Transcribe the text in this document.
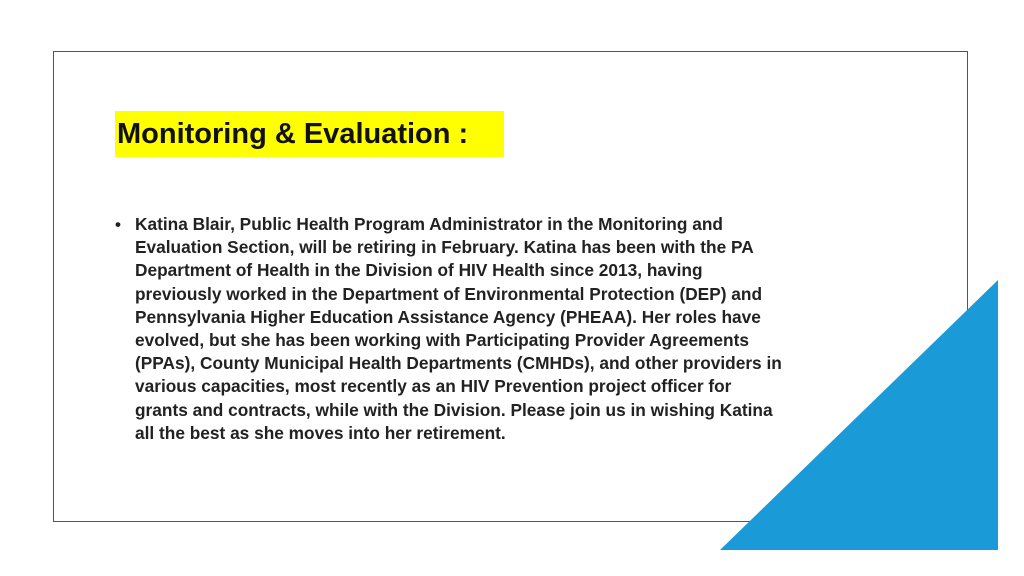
Monitoring & Evaluation :
• Katina Blair, Public Health Program Administrator in the Monitoring and Evaluation Section, will be retiring in February. Katina has been with the PA Department of Health in the Division of HIV Health since 2013, having previously worked in the Department of Environmental Protection (DEP) and Pennsylvania Higher Education Assistance Agency (PHEAA). Her roles have evolved, but she has been working with Participating Provider Agreements (PPAs), County Municipal Health Departments (CMHDs), and other providers in various capacities, most recently as an HIV Prevention project officer for grants and contracts, while with the Division. Please join us in wishing Katina all the best as she moves into her retirement.
